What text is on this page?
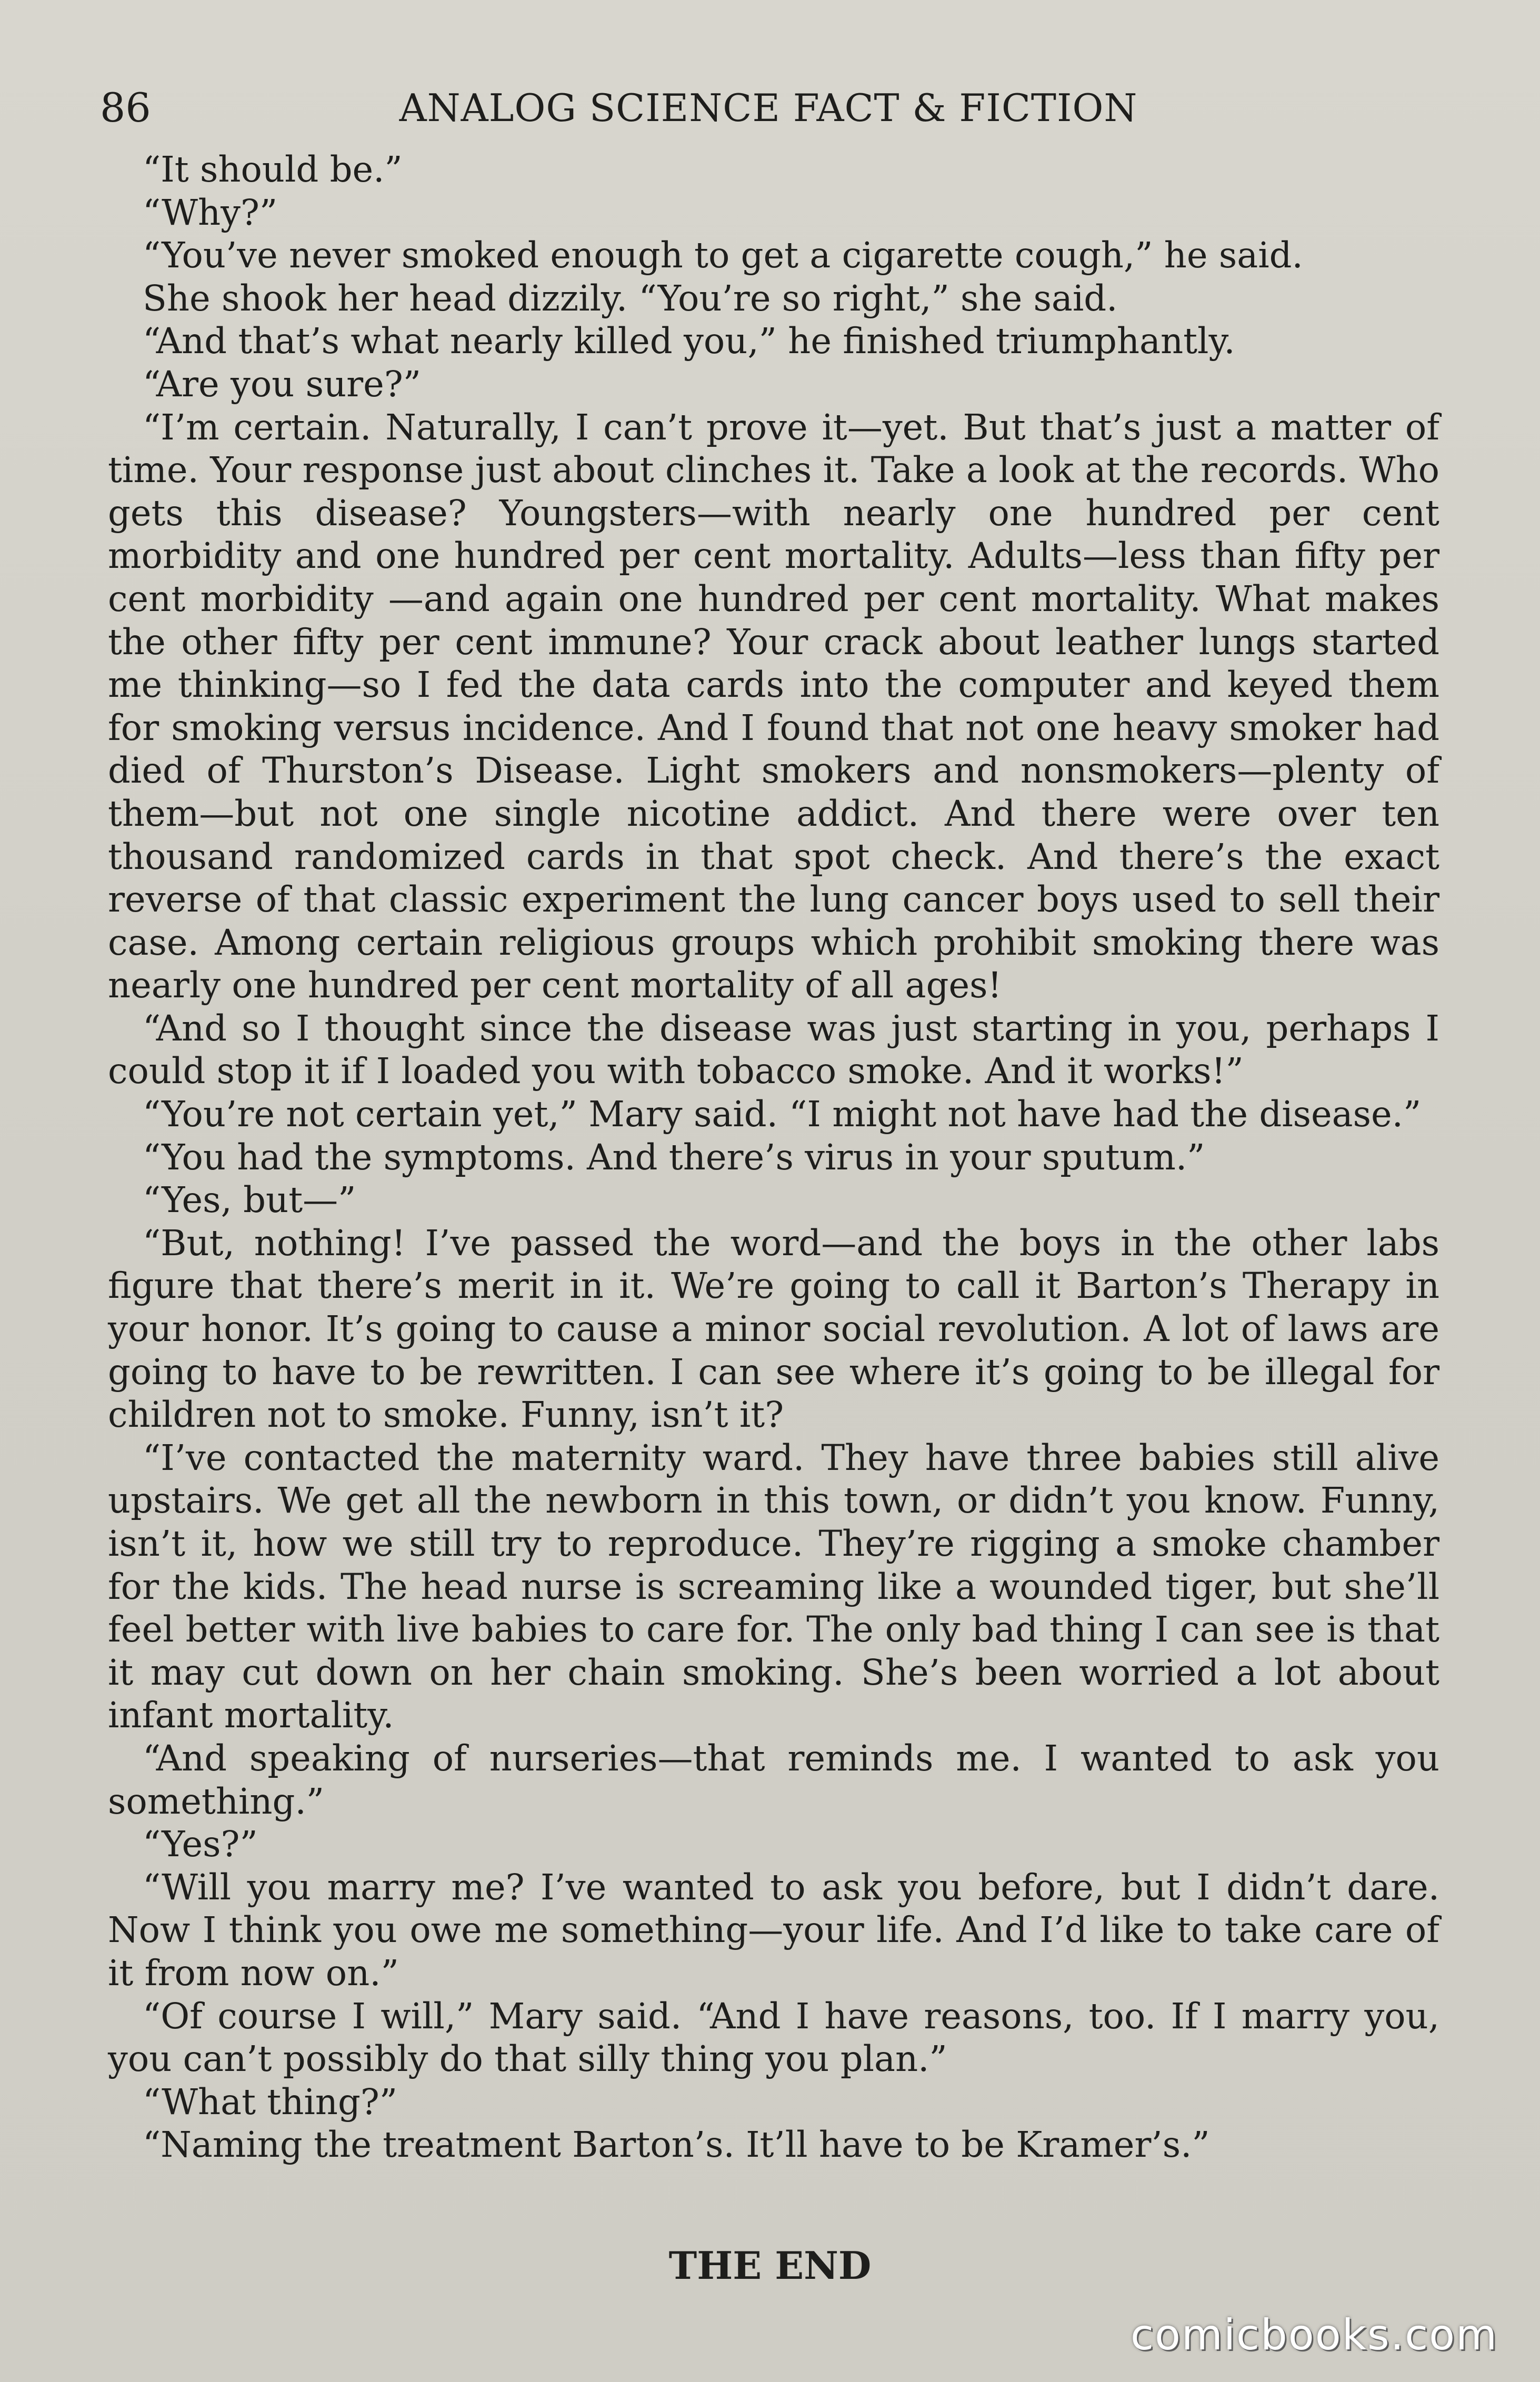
86	ANALOG SCIENCE FACT & FICTION

“It should be.”

“Why?”

“You’ve never smoked enough to get a cigarette cough,” he said.

She shook her head dizzily. “You’re so right,” she said.

“And that’s what nearly killed you,” he finished triumphantly.

“Are you sure?”

“I’m certain. Naturally, I can’t prove it—yet. But that’s just a matter of time. Your response just about clinches it. Take a look at the records. Who gets this disease? Youngsters—with nearly one hundred per cent morbidity and one hundred per cent mortality. Adults—less than fifty per cent morbidity —and again one hundred per cent mortality. What makes the other fifty per cent immune? Your crack about leather lungs started me thinking—so I fed the data cards into the computer and keyed them for smoking versus incidence. And I found that not one heavy smoker had died of Thurston’s Disease. Light smokers and nonsmokers—plenty of them—but not one single nicotine addict. And there were over ten thousand randomized cards in that spot check. And there’s the exact reverse of that classic experiment the lung cancer boys used to sell their case. Among certain religious groups which prohibit smoking there was nearly one hundred per cent mortality of all ages!

“And so I thought since the disease was just starting in you, perhaps I could stop it if I loaded you with tobacco smoke. And it works!”

“You’re not certain yet,” Mary said. “I might not have had the disease.”

“You had the symptoms. And there’s virus in your sputum.”

“Yes, but—”

“But, nothing! I’ve passed the word—and the boys in the other labs figure that there’s merit in it. We’re going to call it Barton’s Therapy in your honor. It’s going to cause a minor social revolution. A lot of laws are going to have to be rewritten. I can see where it’s going to be illegal for children not to smoke. Funny, isn’t it?

“I’ve contacted the maternity ward. They have three babies still alive upstairs. We get all the newborn in this town, or didn’t you know. Funny, isn’t it, how we still try to reproduce. They’re rigging a smoke chamber for the kids. The head nurse is screaming like a wounded tiger, but she’ll feel better with live babies to care for. The only bad thing I can see is that it may cut down on her chain smoking. She’s been worried a lot about infant mortality.

“And speaking of nurseries—that reminds me. I wanted to ask you something.”

“Yes?”

“Will you marry me? I’ve wanted to ask you before, but I didn’t dare. Now I think you owe me something—your life. And I’d like to take care of it from now on.”

“Of course I will,” Mary said. “And I have reasons, too. If I marry you, you can’t possibly do that silly thing you plan.”

“What thing?”

“Naming the treatment Barton’s. It’ll have to be Kramer’s.”

THE END
comicbooks.com
